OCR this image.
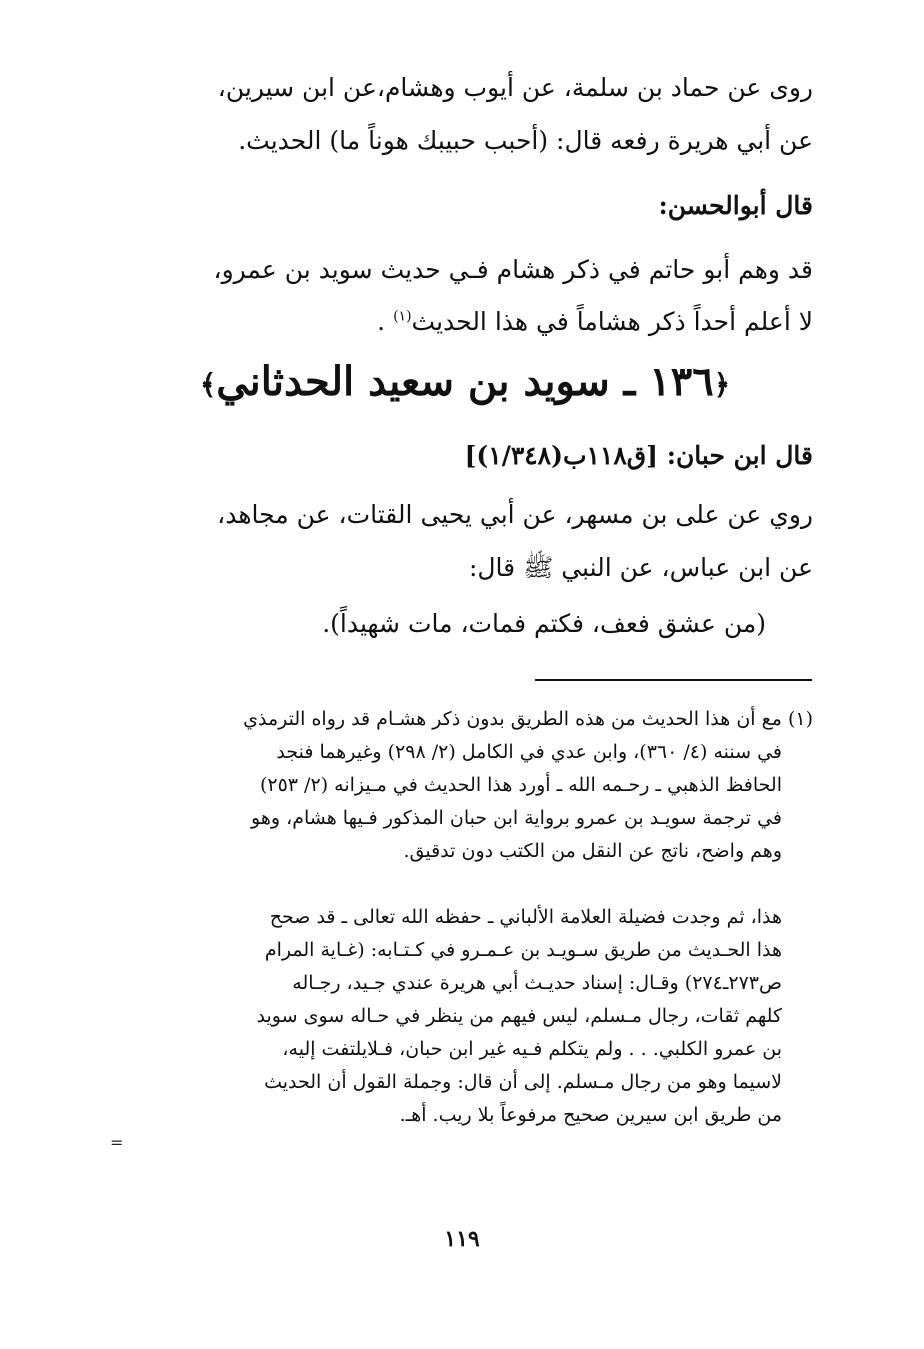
روى عن حماد بن سلمة، عن أيوب وهشام،عن ابن سيرين،
عن أبي هريرة رفعه قال: (أحبب حبيبك هوناً ما) الحديث.
قال أبوالحسن:
قد وهم أبو حاتم في ذكر هشام فـي حديث سويد بن عمرو،
لا أعلم أحداً ذكر هشاماً في هذا الحديث$^{(١)}$ .
﴿١٣٦ ـ سويد بن سعيد الحدثاني﴾
قال ابن حبان: [ق١١٨ب(١/٣٤٨)]
روي عن على بن مسهر، عن أبي يحيى القتات، عن مجاهد،
عن ابن عباس، عن النبي ﷺ قال:
(من عشق فعف، فكتم فمات، مات شهيداً).
(١) مع أن هذا الحديث من هذه الطريق بدون ذكر هشـام قد رواه الترمذي
في سننه (٤/ ٣٦٠)، وابن عدي في الكامل (٢/ ٢٩٨) وغيرهما فنجد
الحافظ الذهبي ـ رحـمه الله ـ أورد هذا الحديث في مـيزانه (٢/ ٢٥٣)
في ترجمة سويـد بن عمرو برواية ابن حبان المذكور فـيها هشام، وهو
وهم واضح، ناتج عن النقل من الكتب دون تدقيق.
هذا، ثم وجدت فضيلة العلامة الألباني ـ حفظه الله تعالى ـ قد صحح
هذا الحـديث من طريق سـويـد بن عـمـرو في كـتـابه: (غـاية المرام
ص٢٧٣ـ٢٧٤) وقـال: إسناد حديـث أبي هريرة عندي جـيد، رجـاله
كلهم ثقات، رجال مـسلم، ليس فيهم من ينظر في حـاله سوى سويد
بن عمرو الكلبي. . . ولم يتكلم فـيه غير ابن حبان، فـلايلتفت إليه،
لاسيما وهو من رجال مـسلم. إلى أن قال: وجملة القول أن الحديث
من طريق ابن سيرين صحيح مرفوعاً بلا ريب. أهـ.
=
١١٩
